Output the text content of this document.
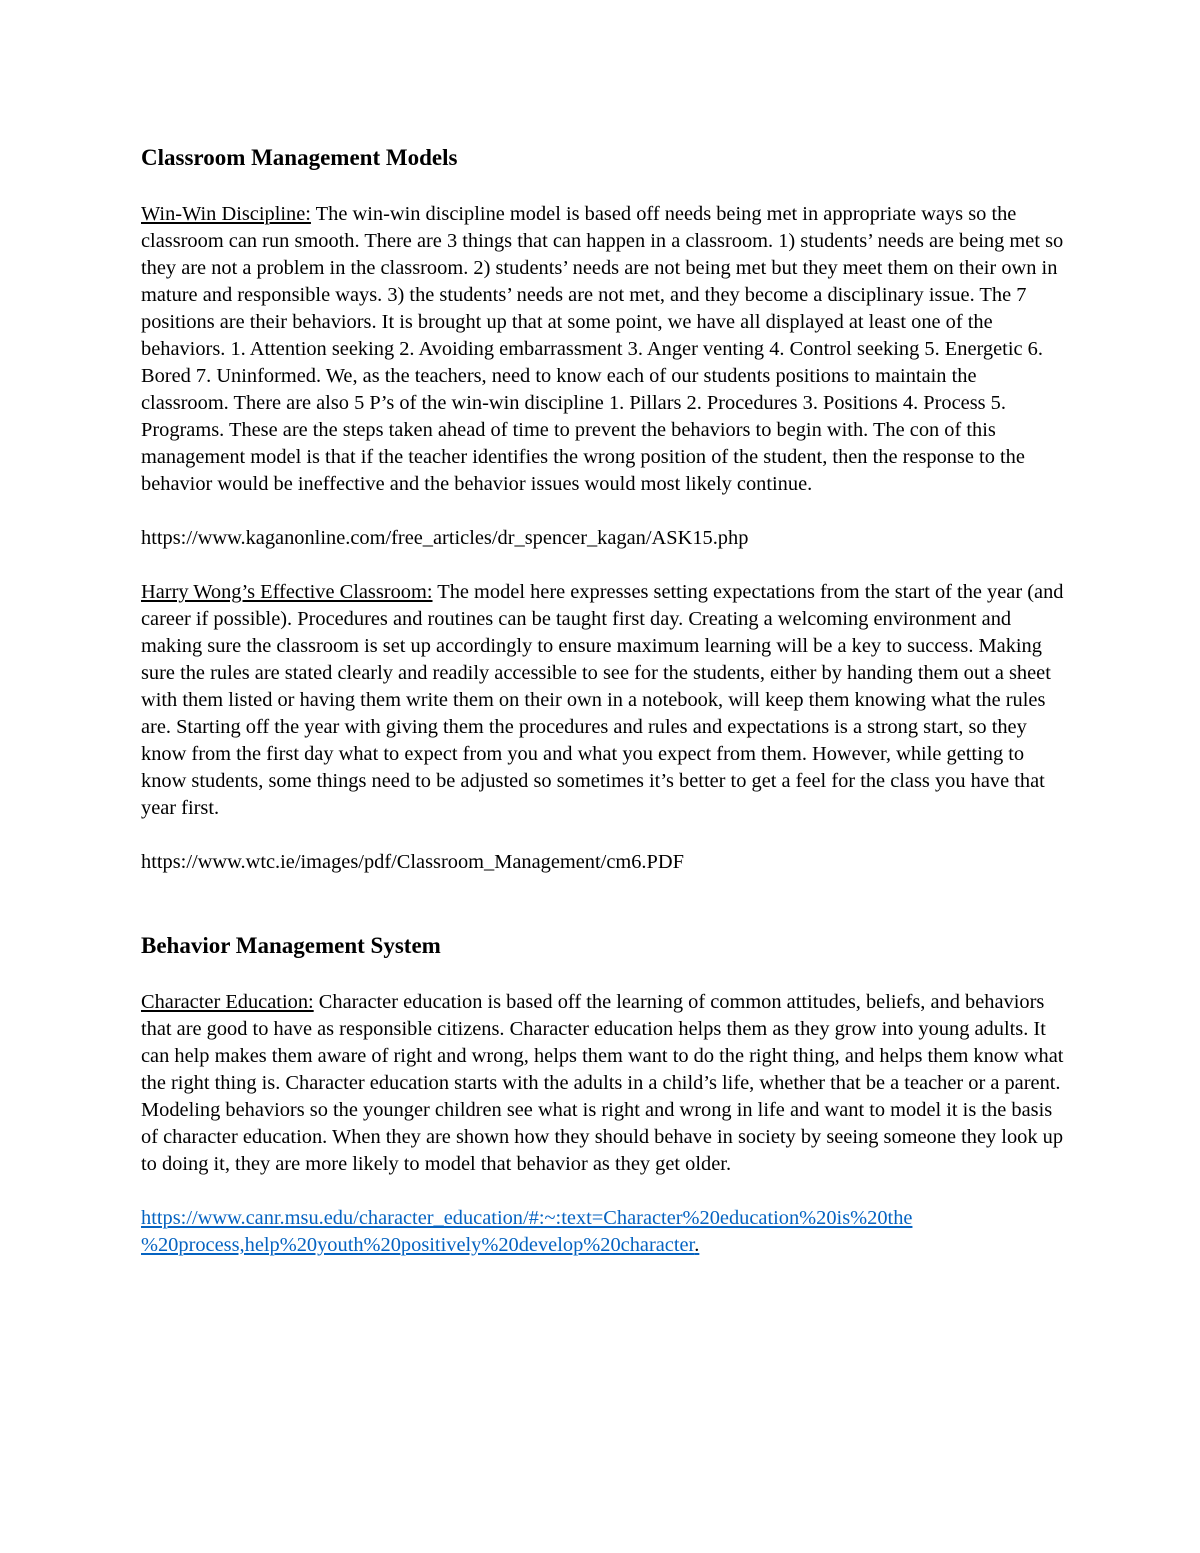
Classroom Management Models

Win-Win Discipline: The win-win discipline model is based off needs being met in appropriate ways so the classroom can run smooth. There are 3 things that can happen in a classroom. 1) students’ needs are being met so they are not a problem in the classroom. 2) students’ needs are not being met but they meet them on their own in mature and responsible ways. 3) the students’ needs are not met, and they become a disciplinary issue. The 7 positions are their behaviors. It is brought up that at some point, we have all displayed at least one of the behaviors. 1. Attention seeking 2. Avoiding embarrassment 3. Anger venting 4. Control seeking 5. Energetic 6. Bored 7. Uninformed. We, as the teachers, need to know each of our students positions to maintain the classroom. There are also 5 P’s of the win-win discipline 1. Pillars 2. Procedures 3. Positions 4. Process 5. Programs. These are the steps taken ahead of time to prevent the behaviors to begin with. The con of this management model is that if the teacher identifies the wrong position of the student, then the response to the behavior would be ineffective and the behavior issues would most likely continue.

https://www.kaganonline.com/free_articles/dr_spencer_kagan/ASK15.php

Harry Wong’s Effective Classroom: The model here expresses setting expectations from the start of the year (and career if possible). Procedures and routines can be taught first day. Creating a welcoming environment and making sure the classroom is set up accordingly to ensure maximum learning will be a key to success. Making sure the rules are stated clearly and readily accessible to see for the students, either by handing them out a sheet with them listed or having them write them on their own in a notebook, will keep them knowing what the rules are. Starting off the year with giving them the procedures and rules and expectations is a strong start, so they know from the first day what to expect from you and what you expect from them. However, while getting to know students, some things need to be adjusted so sometimes it’s better to get a feel for the class you have that year first.

https://www.wtc.ie/images/pdf/Classroom_Management/cm6.PDF

Behavior Management System

Character Education: Character education is based off the learning of common attitudes, beliefs, and behaviors that are good to have as responsible citizens. Character education helps them as they grow into young adults. It can help makes them aware of right and wrong, helps them want to do the right thing, and helps them know what the right thing is. Character education starts with the adults in a child’s life, whether that be a teacher or a parent. Modeling behaviors so the younger children see what is right and wrong in life and want to model it is the basis of character education. When they are shown how they should behave in society by seeing someone they look up to doing it, they are more likely to model that behavior as they get older.

https://www.canr.msu.edu/character_education/#:~:text=Character%20education%20is%20the
%20process,help%20youth%20positively%20develop%20character.
